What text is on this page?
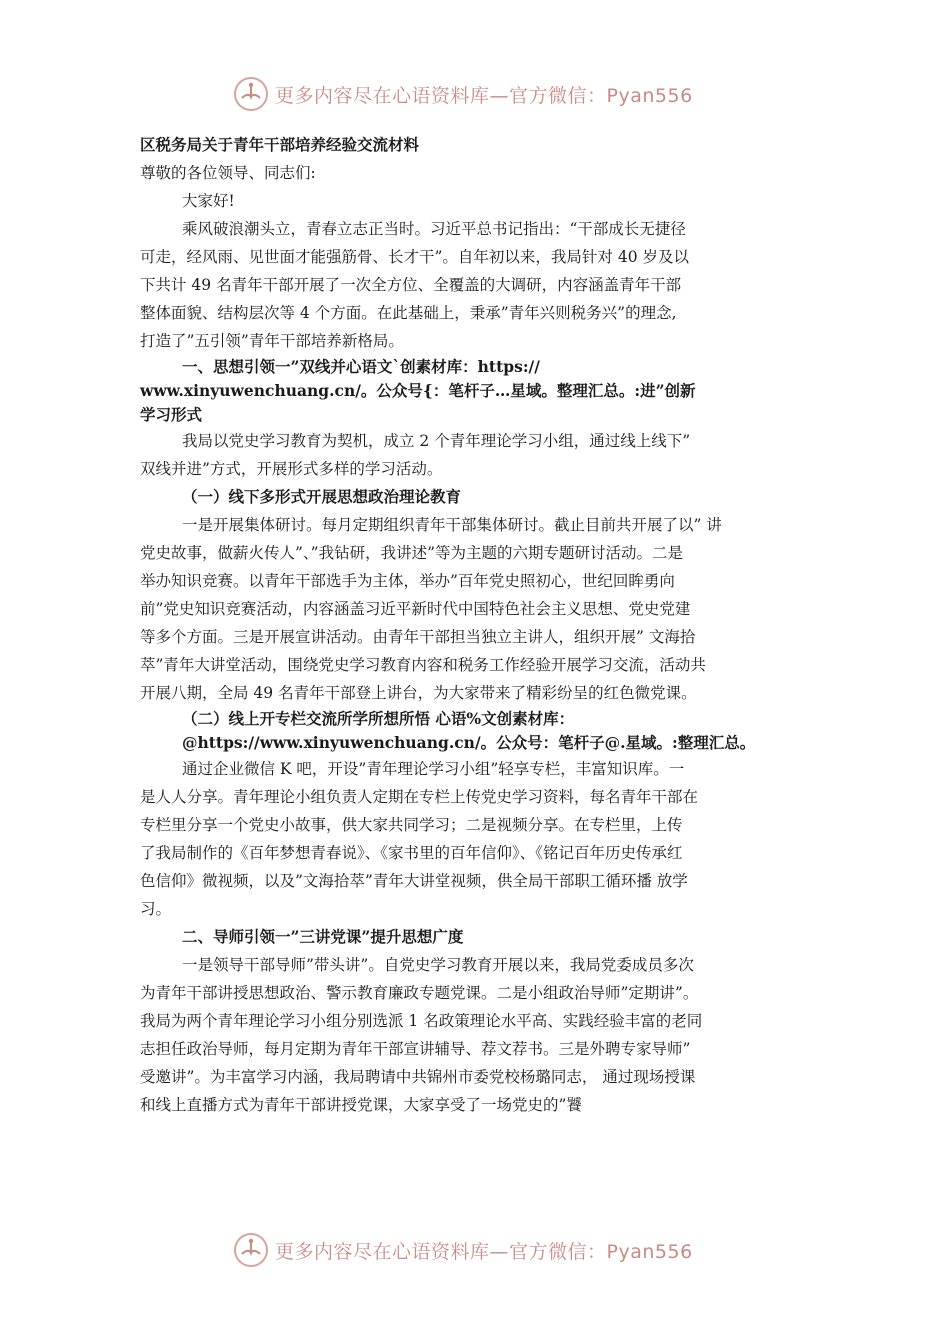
更多内容尽在心语资料库—官方微信：Pyan556
区税务局关于青年干部培养经验交流材料
尊敬的各位领导、同志们:
大家好!
乘风破浪潮头立，青春立志正当时。习近平总书记指出：“干部成长无捷径
可走，经风雨、见世面才能强筋骨、长才干”。自年初以来，我局针对 40 岁及以
下共计 49 名青年干部开展了一次全方位、全覆盖的大调研，内容涵盖青年干部
整体面貌、结构层次等 4 个方面。在此基础上，秉承”青年兴则税务兴”的理念,
打造了”五引领”青年干部培养新格局。
一、思想引领一”双线并心语文`创素材库：https://
www.xinyuwenchuang.cn/。公众号{：笔杆子…星域。整理汇总。:进”创新
学习形式
我局以党史学习教育为契机，成立 2 个青年理论学习小组，通过线上线下”
双线并进”方式，开展形式多样的学习活动。
（一）线下多形式开展思想政治理论教育
一是开展集体研讨。每月定期组织青年干部集体研讨。截止目前共开展了以” 讲
党史故事，做薪火传人”、”我钻研，我讲述”等为主题的六期专题研讨活动。二是
举办知识竞赛。以青年干部选手为主体，举办”百年党史照初心，世纪回眸勇向
前”党史知识竞赛活动，内容涵盖习近平新时代中国特色社会主义思想、党史党建
等多个方面。三是开展宣讲活动。由青年干部担当独立主讲人，组织开展” 文海拾
萃”青年大讲堂活动，围绕党史学习教育内容和税务工作经验开展学习交流，活动共
开展八期，全局 49 名青年干部登上讲台，为大家带来了精彩纷呈的红色微党课。
（二）线上开专栏交流所学所想所悟 心语%文创素材库：
@https://www.xinyuwenchuang.cn/。公众号：笔杆子@.星域。:整理汇总。
通过企业微信 K 吧，开设”青年理论学习小组”轻享专栏，丰富知识库。一
是人人分享。青年理论小组负责人定期在专栏上传党史学习资料，每名青年干部在
专栏里分享一个党史小故事，供大家共同学习；二是视频分享。在专栏里，上传
了我局制作的《百年梦想青春说》、《家书里的百年信仰》、《铭记百年历史传承红
色信仰》微视频，以及”文海拾萃”青年大讲堂视频，供全局干部职工循环播 放学
习。
二、导师引领一”三讲党课”提升思想广度
一是领导干部导师”带头讲”。自党史学习教育开展以来，我局党委成员多次
为青年干部讲授思想政治、警示教育廉政专题党课。二是小组政治导师”定期讲”。
我局为两个青年理论学习小组分别选派 1 名政策理论水平高、实践经验丰富的老同
志担任政治导师，每月定期为青年干部宣讲辅导、荐文荐书。三是外聘专家导师”
受邀讲”。为丰富学习内涵，我局聘请中共锦州市委党校杨璐同志， 通过现场授课
和线上直播方式为青年干部讲授党课，大家享受了一场党史的”饕
更多内容尽在心语资料库—官方微信：Pyan556
